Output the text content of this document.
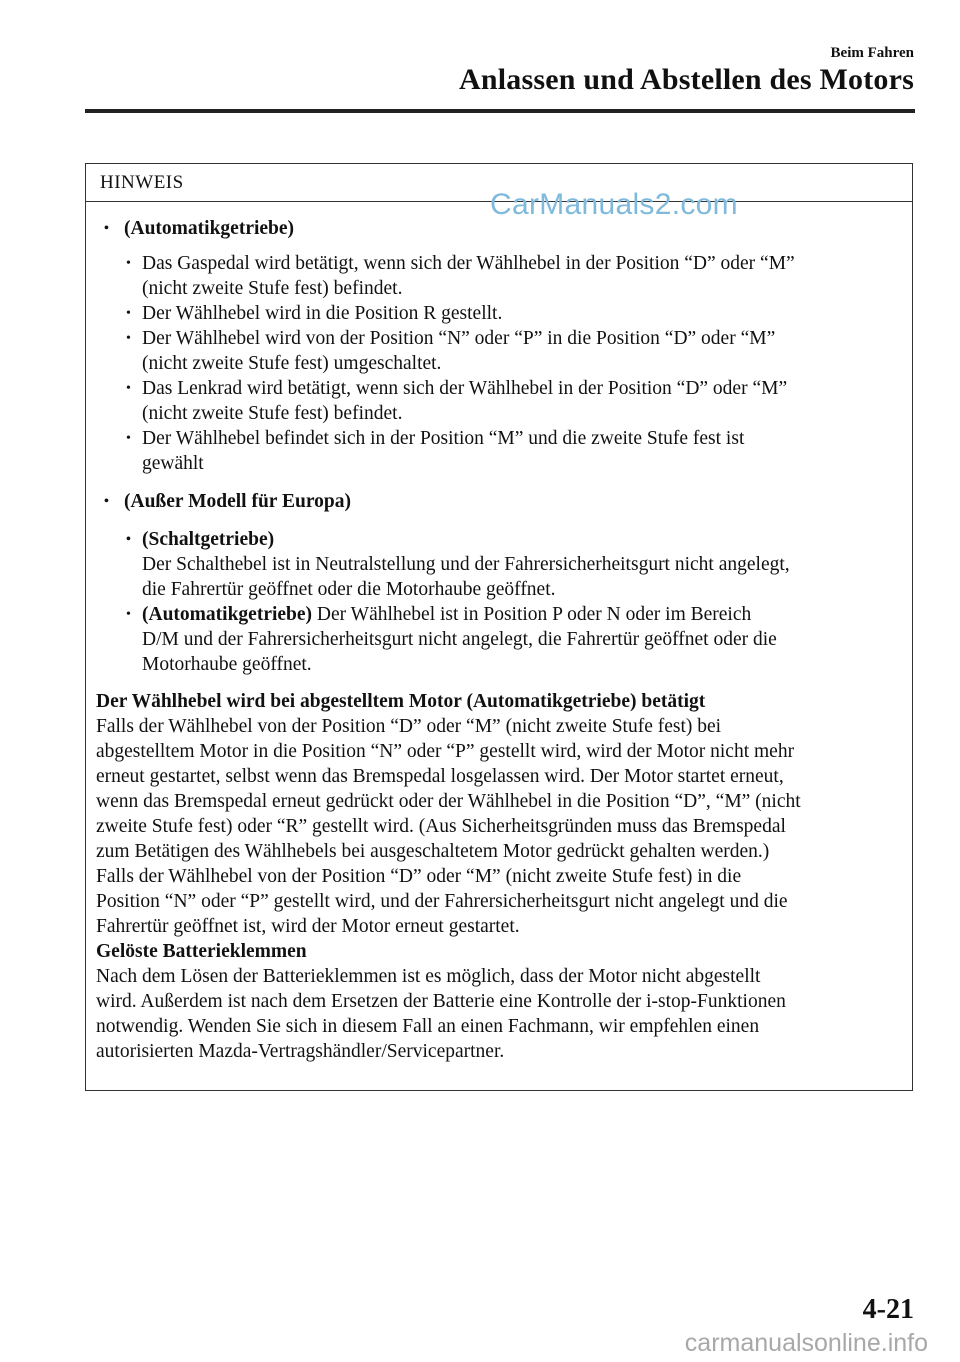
Beim Fahren
Anlassen und Abstellen des Motors
HINWEIS
• (Automatikgetriebe)
• Das Gaspedal wird betätigt, wenn sich der Wählhebel in der Position “D” oder “M”
(nicht zweite Stufe fest) befindet.
• Der Wählhebel wird in die Position R gestellt.
• Der Wählhebel wird von der Position “N” oder “P” in die Position “D” oder “M”
(nicht zweite Stufe fest) umgeschaltet.
• Das Lenkrad wird betätigt, wenn sich der Wählhebel in der Position “D” oder “M”
(nicht zweite Stufe fest) befindet.
• Der Wählhebel befindet sich in der Position “M” und die zweite Stufe fest ist
gewählt
• (Außer Modell für Europa)
• (Schaltgetriebe)
Der Schalthebel ist in Neutralstellung und der Fahrersicherheitsgurt nicht angelegt,
die Fahrertür geöffnet oder die Motorhaube geöffnet.
• (Automatikgetriebe) Der Wählhebel ist in Position P oder N oder im Bereich
D/M und der Fahrersicherheitsgurt nicht angelegt, die Fahrertür geöffnet oder die
Motorhaube geöffnet.
Der Wählhebel wird bei abgestelltem Motor (Automatikgetriebe) betätigt
Falls der Wählhebel von der Position “D” oder “M” (nicht zweite Stufe fest) bei
abgestelltem Motor in die Position “N” oder “P” gestellt wird, wird der Motor nicht mehr
erneut gestartet, selbst wenn das Bremspedal losgelassen wird. Der Motor startet erneut,
wenn das Bremspedal erneut gedrückt oder der Wählhebel in die Position “D”, “M” (nicht
zweite Stufe fest) oder “R” gestellt wird. (Aus Sicherheitsgründen muss das Bremspedal
zum Betätigen des Wählhebels bei ausgeschaltetem Motor gedrückt gehalten werden.)
Falls der Wählhebel von der Position “D” oder “M” (nicht zweite Stufe fest) in die
Position “N” oder “P” gestellt wird, und der Fahrersicherheitsgurt nicht angelegt und die
Fahrertür geöffnet ist, wird der Motor erneut gestartet.
Gelöste Batterieklemmen
Nach dem Lösen der Batterieklemmen ist es möglich, dass der Motor nicht abgestellt
wird. Außerdem ist nach dem Ersetzen der Batterie eine Kontrolle der i-stop-Funktionen
notwendig. Wenden Sie sich in diesem Fall an einen Fachmann, wir empfehlen einen
autorisierten Mazda-Vertragshändler/Servicepartner.
CarManuals2.com
4-21
carmanualsonline.info
